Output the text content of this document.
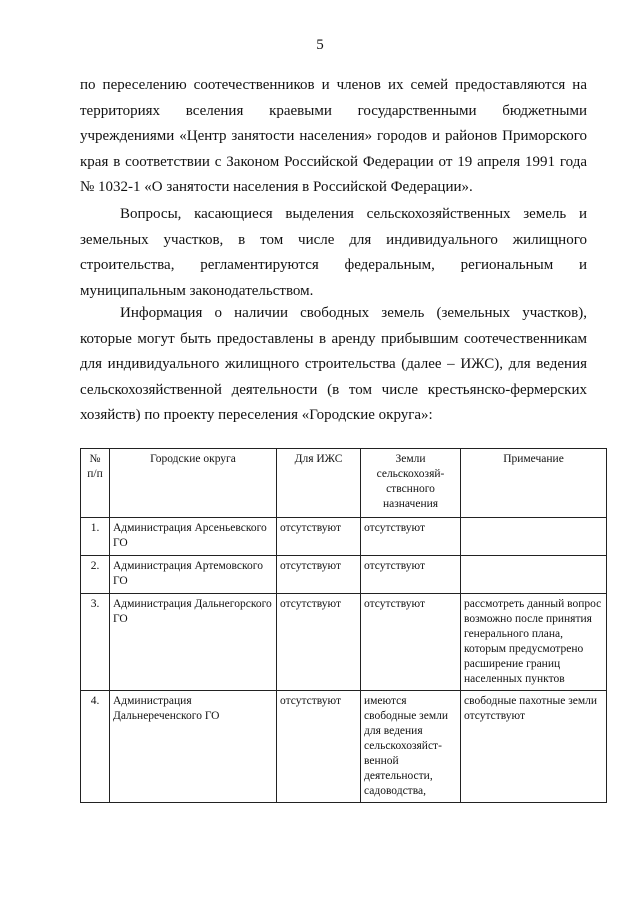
5

по переселению соотечественников и членов их семей предоставляются на территориях вселения краевыми государственными бюджетными учреждениями «Центр занятости населения» городов и районов Приморского края в соответствии с Законом Российской Федерации от 19 апреля 1991 года № 1032-1 «О занятости населения в Российской Федерации».

Вопросы, касающиеся выделения сельскохозяйственных земель и земельных участков, в том числе для индивидуального жилищного строительства, регламентируются федеральным, региональным и муниципальным законодательством.

Информация о наличии свободных земель (земельных участков), которые могут быть предоставлены в аренду прибывшим соотечественникам для индивидуального жилищного строительства (далее – ИЖС), для ведения сельскохозяйственной деятельности (в том числе крестьянско-фермерских хозяйств) по проекту переселения «Городские округа»:

№ п/п	Городские округа	Для ИЖС	Земли сельскохозяй-ствснного назначения	Примечание
1.	Администрация Арсеньевского ГО	отсутствуют	отсутствуют	
2.	Администрация Артемовского ГО	отсутствуют	отсутствуют	
3.	Администрация Дальнегорского ГО	отсутствуют	отсутствуют	рассмотреть данный вопрос возможно после принятия генерального плана, которым предусмотрено расширение границ населенных пунктов
4.	Администрация Дальнереченского ГО	отсутствуют	имеются свободные земли для ведения сельскохозяйст-венной деятельности, садоводства,	свободные пахотные земли отсутствуют
